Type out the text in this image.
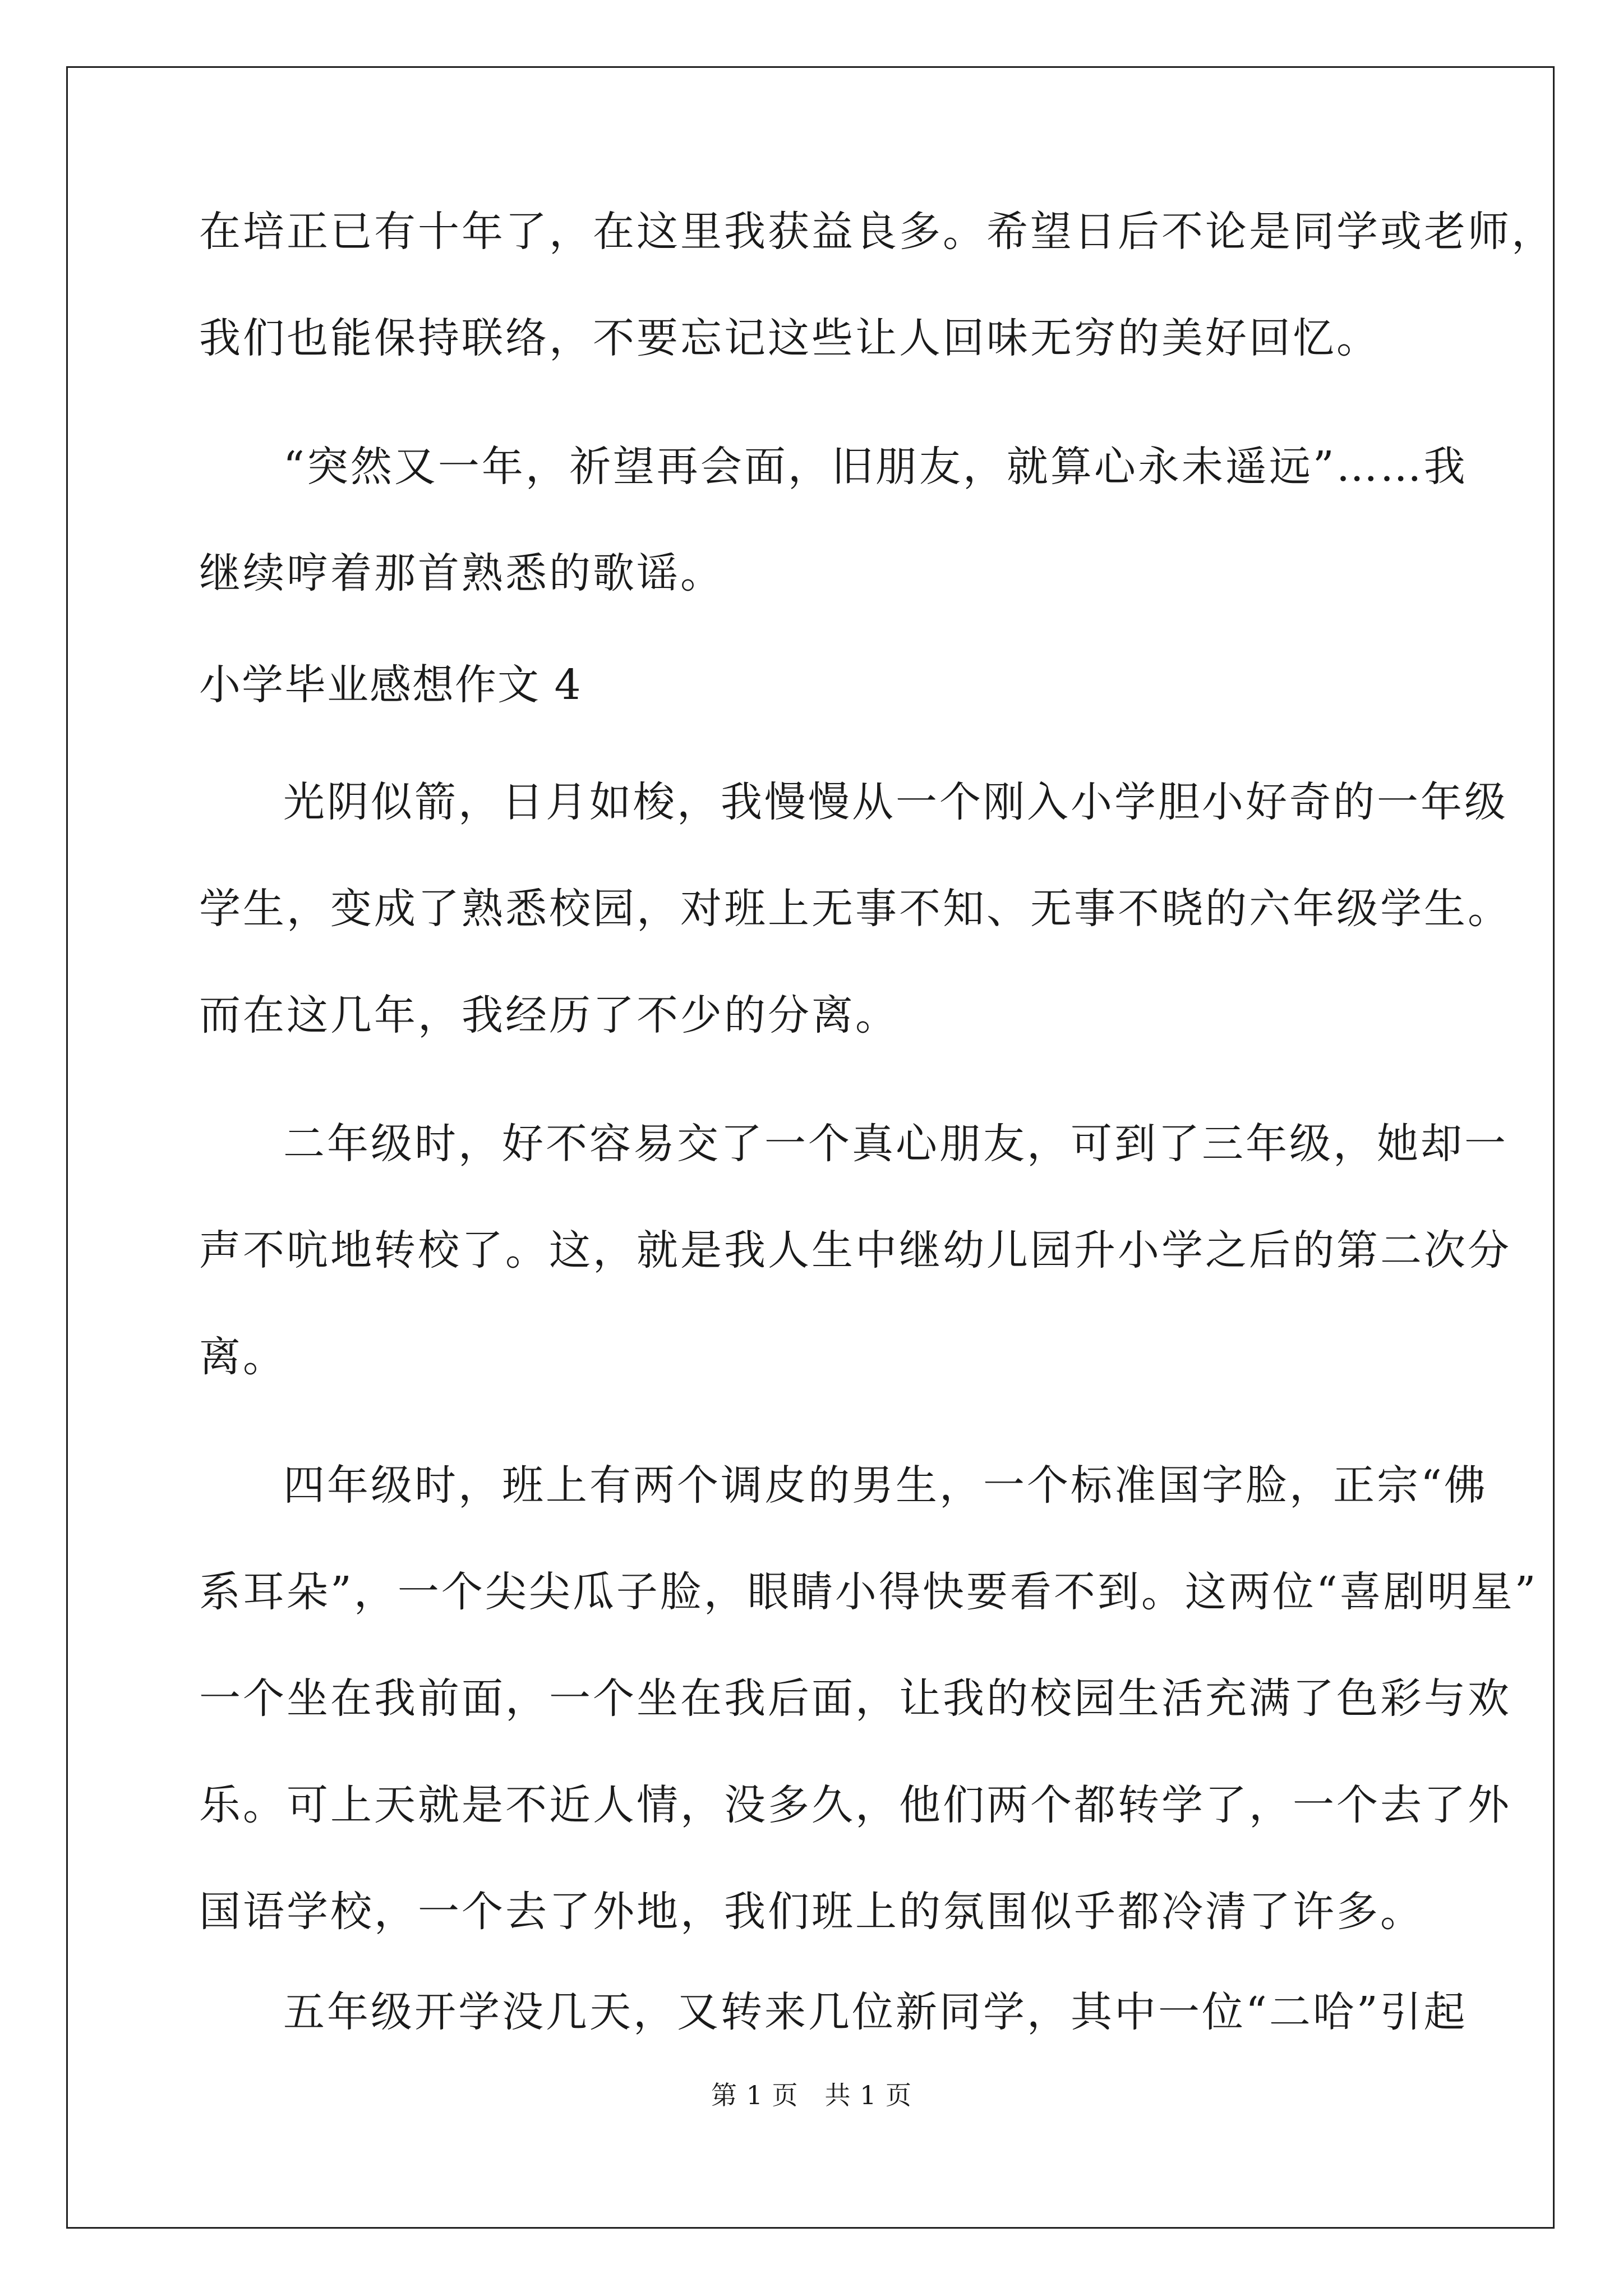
在培正已有十年了，在这里我获益良多。希望日后不论是同学或老师，
我们也能保持联络，不要忘记这些让人回味无穷的美好回忆。
“突然又一年，祈望再会面，旧朋友，就算心永未遥远”……我
继续哼着那首熟悉的歌谣。
小学毕业感想作文 4
光阴似箭，日月如梭，我慢慢从一个刚入小学胆小好奇的一年级
学生，变成了熟悉校园，对班上无事不知、无事不晓的六年级学生。
而在这几年，我经历了不少的分离。
二年级时，好不容易交了一个真心朋友，可到了三年级，她却一
声不吭地转校了。这，就是我人生中继幼儿园升小学之后的第二次分
离。
四年级时，班上有两个调皮的男生，一个标准国字脸，正宗“佛
系耳朵”，一个尖尖瓜子脸，眼睛小得快要看不到。这两位“喜剧明星”
一个坐在我前面，一个坐在我后面，让我的校园生活充满了色彩与欢
乐。可上天就是不近人情，没多久，他们两个都转学了，一个去了外
国语学校，一个去了外地，我们班上的氛围似乎都冷清了许多。
五年级开学没几天，又转来几位新同学，其中一位“二哈”引起
第 1 页　共 1 页
